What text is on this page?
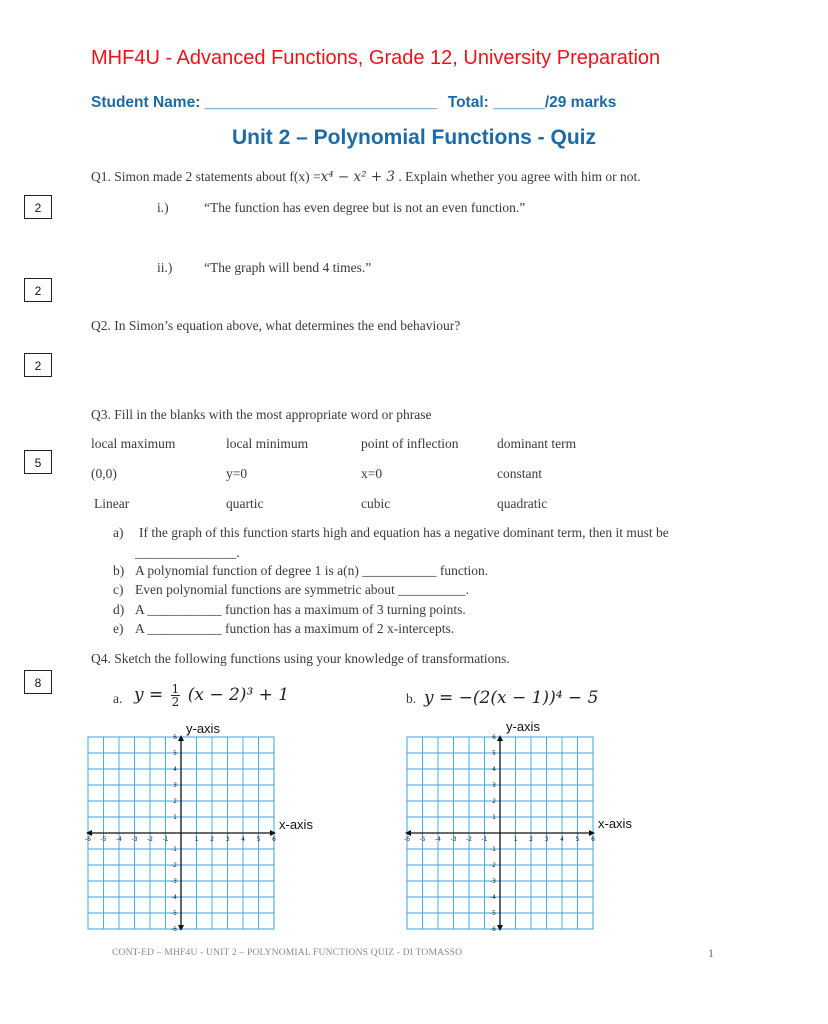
MHF4U - Advanced Functions, Grade 12, University Preparation
Student Name: ___________________________ Total: ______/29 marks
Unit 2 – Polynomial Functions - Quiz
Q1. Simon made 2 statements about f(x) =x⁴ − x² + 3 . Explain whether you agree with him or not.
2	i.)	“The function has even degree but is not an even function.”
ii.) “The graph will bend 4 times.”
2
Q2. In Simon’s equation above, what determines the end behaviour?
2
Q3. Fill in the blanks with the most appropriate word or phrase
5
local maximum	local minimum	point of inflection	dominant term
(0,0)	y=0	x=0	constant
Linear	quartic	cubic	quadratic
a) If the graph of this function starts high and equation has a negative dominant term, then it must be
_______________.
b) A polynomial function of degree 1 is a(n) ___________ function.
c) Even polynomial functions are symmetric about __________.
d) A ___________ function has a maximum of 3 turning points.
e) A ___________ function has a maximum of 2 x-intercepts.
Q4. Sketch the following functions using your knowledge of transformations.
8
a. $y = \frac{1}{2} (x - 2)^3 + 1$	b. y = −(2(x − 1))⁴ − 5
-6
-6
-5
-5
-4
-4
-3
-3
-2
-2
-1
-1
1
1
2
2
3
3
4
4
5
5
6
6
y-axis
x-axis
-6
-6
-5
-5
-4
-4
-3
-3
-2
-2
-1
-1
1
1
2
2
3
3
4
4
5
5
6
6
y-axis
x-axis
CONT-ED – MHF4U - UNIT 2 – POLYNOMIAL FUNCTIONS QUIZ - DI TOMASSO	1
